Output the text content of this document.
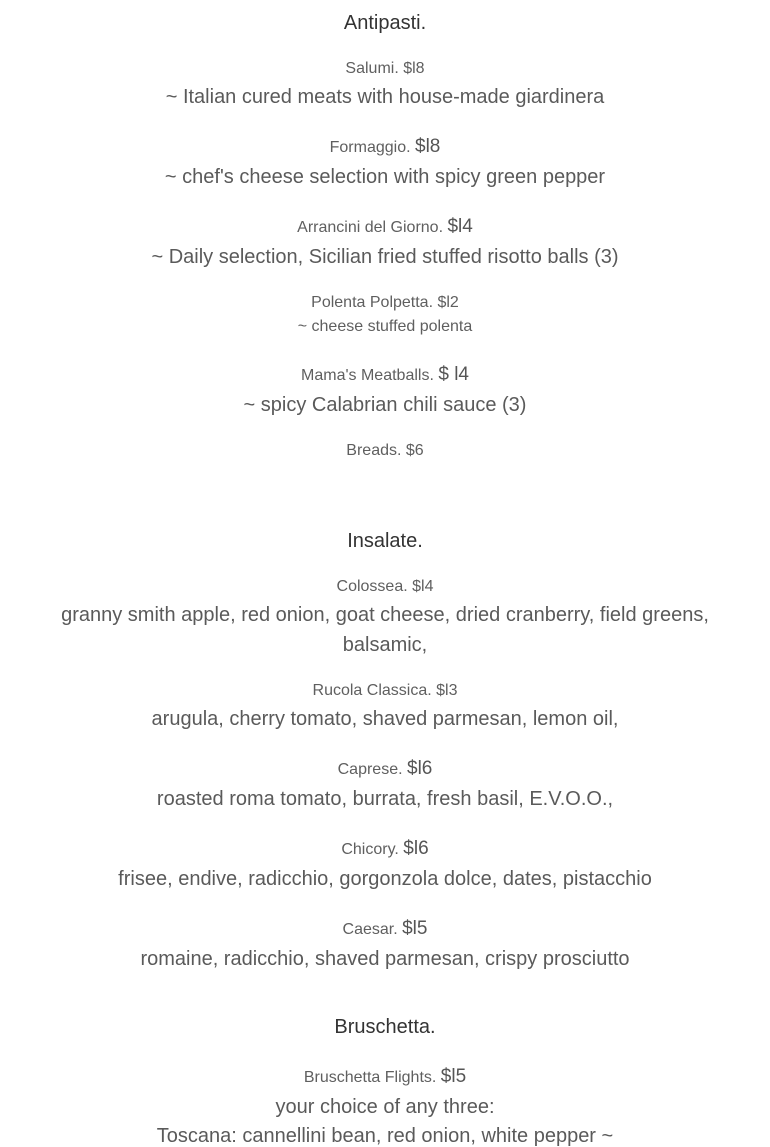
Antipasti.
Salumi. $l8
~ Italian cured meats with house-made giardinera
Formaggio. $l8
~ chef's cheese selection with spicy green pepper
Arrancini del Giorno. $l4
~ Daily selection, Sicilian fried stuffed risotto balls (3)
Polenta Polpetta. $l2
~ cheese stuffed polenta
Mama's Meatballs. $ l4
~ spicy Calabrian chili sauce (3)
Breads. $6
Insalate.
Colossea. $l4
granny smith apple, red onion, goat cheese, dried cranberry, field greens,
balsamic,
Rucola Classica. $l3
arugula, cherry tomato, shaved parmesan, lemon oil,
Caprese. $l6
roasted roma tomato, burrata, fresh basil, E.V.O.O.,
Chicory. $l6
frisee, endive, radicchio, gorgonzola dolce, dates, pistacchio
Caesar. $l5
romaine, radicchio, shaved parmesan, crispy prosciutto
Bruschetta.
Bruschetta Flights. $l5
your choice of any three:
Toscana: cannellini bean, red onion, white pepper ~
